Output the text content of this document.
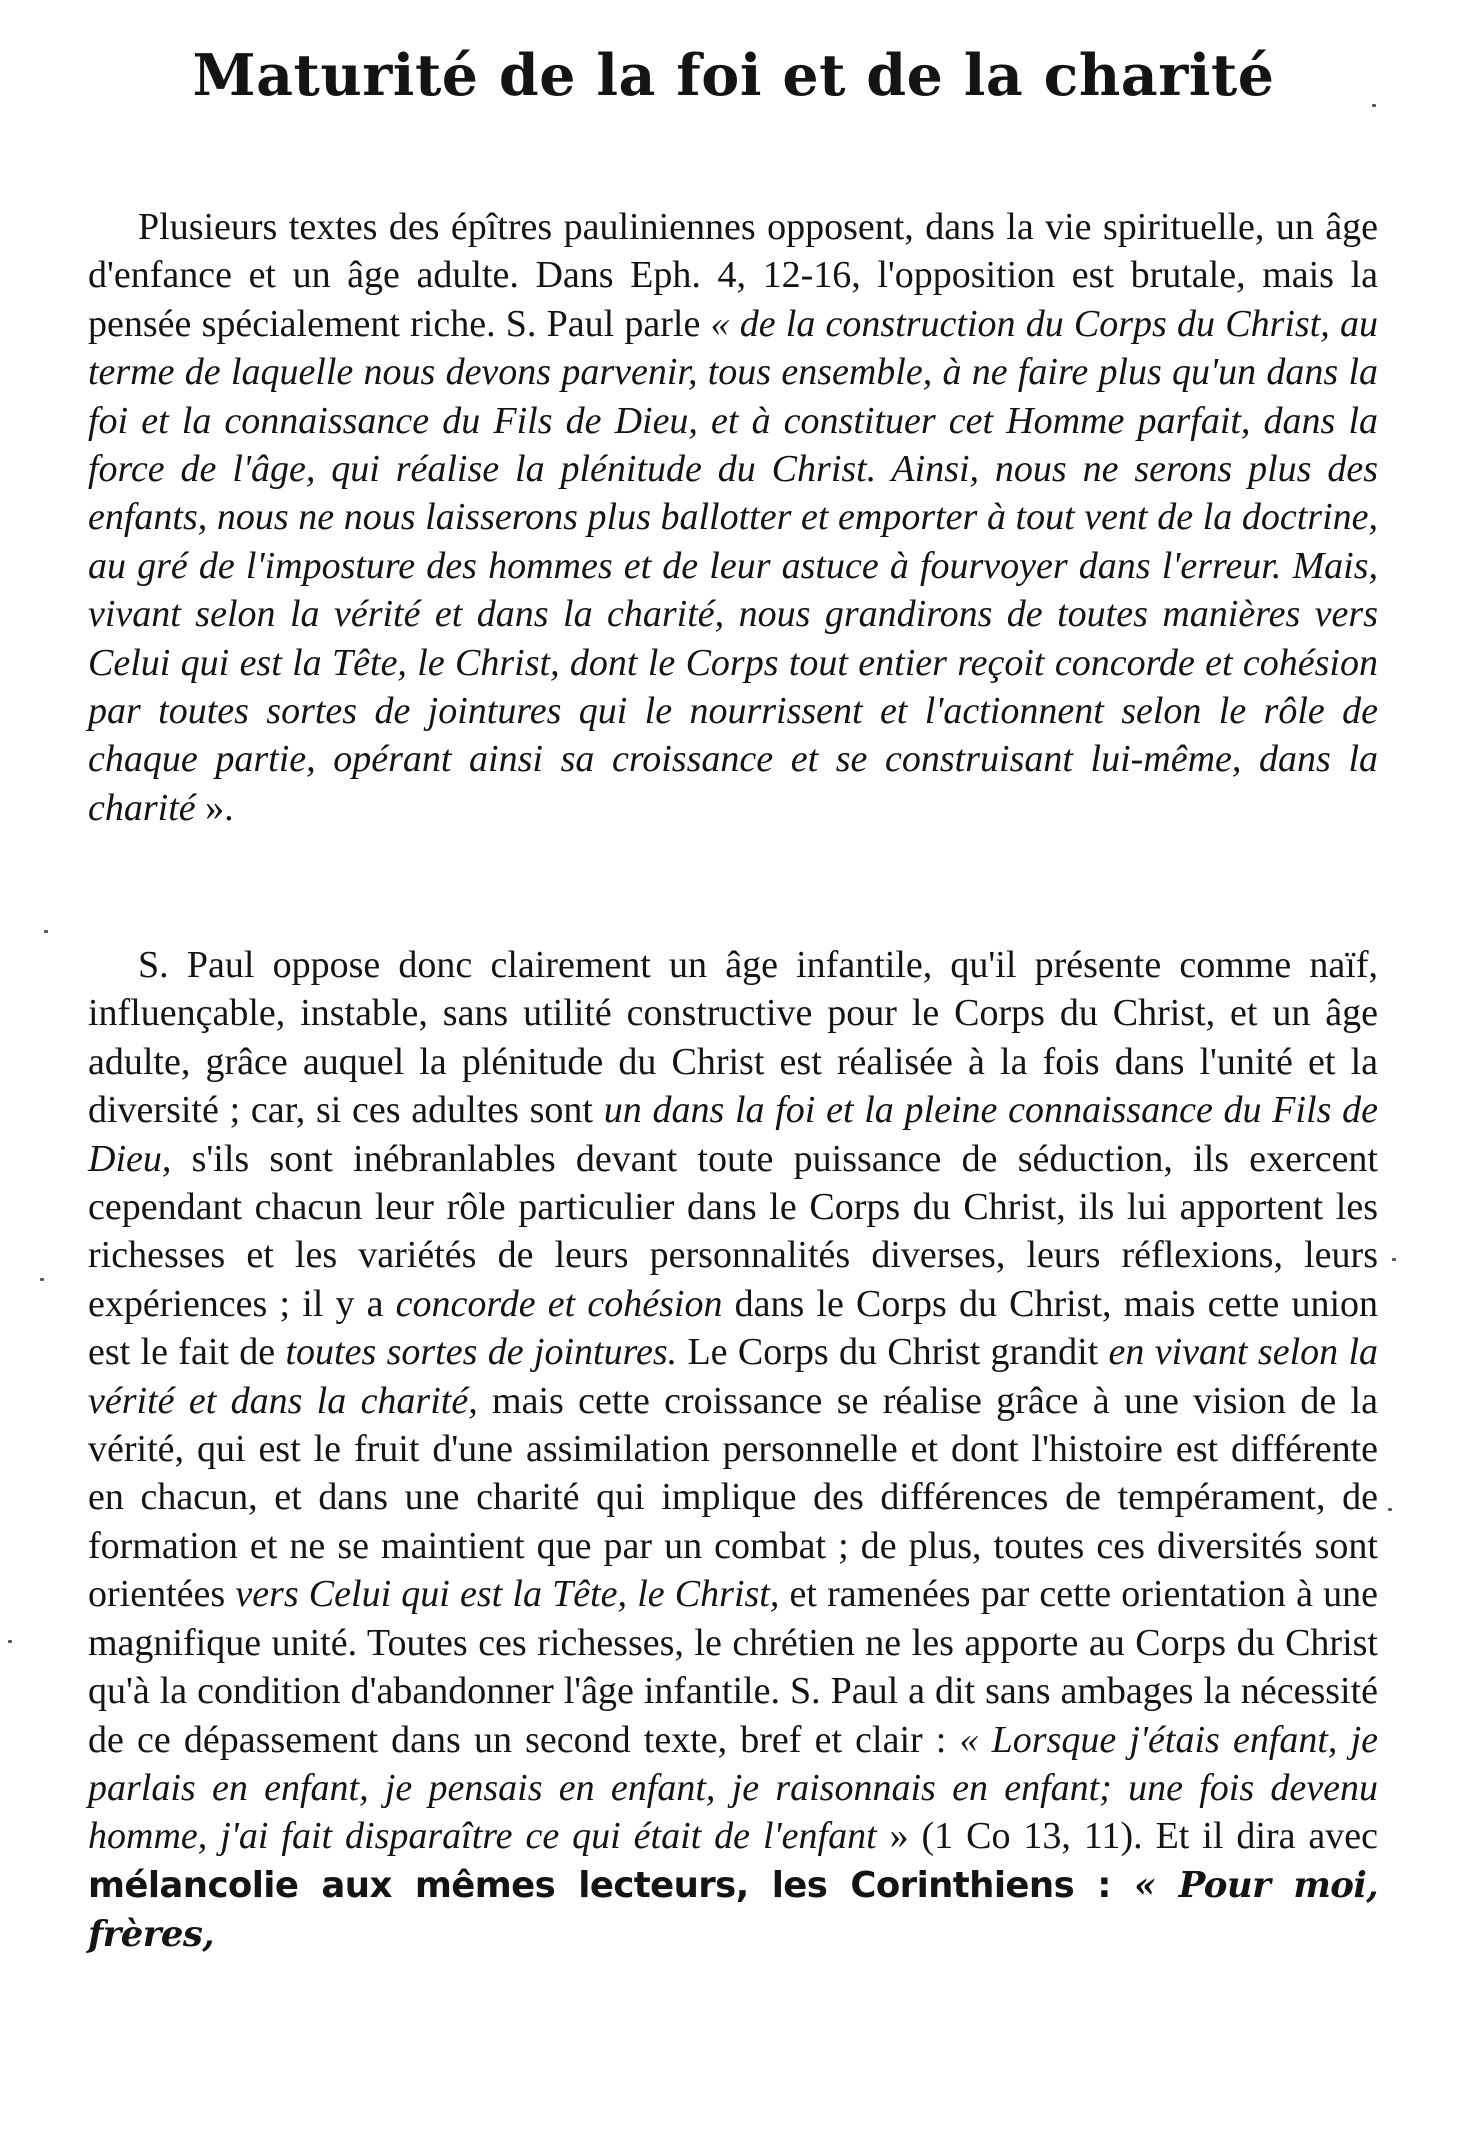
Maturité de la foi et de la charité

Plusieurs textes des épîtres pauliniennes opposent, dans la vie spirituelle, un âge d'enfance et un âge adulte. Dans Eph. 4, 12-16, l'opposition est brutale, mais la pensée spécialement riche. S. Paul parle « de la construction du Corps du Christ, au terme de laquelle nous devons parvenir, tous ensemble, à ne faire plus qu'un dans la foi et la connaissance du Fils de Dieu, et à constituer cet Homme parfait, dans la force de l'âge, qui réalise la plénitude du Christ. Ainsi, nous ne serons plus des enfants, nous ne nous laisserons plus ballotter et emporter à tout vent de la doctrine, au gré de l'imposture des hommes et de leur astuce à fourvoyer dans l'erreur. Mais, vivant selon la vérité et dans la charité, nous grandirons de toutes manières vers Celui qui est la Tête, le Christ, dont le Corps tout entier reçoit concorde et cohésion par toutes sortes de jointures qui le nourrissent et l'actionnent selon le rôle de chaque partie, opérant ainsi sa croissance et se construisant lui-même, dans la charité ».

S. Paul oppose donc clairement un âge infantile, qu'il présente comme naïf, influençable, instable, sans utilité constructive pour le Corps du Christ, et un âge adulte, grâce auquel la plénitude du Christ est réalisée à la fois dans l'unité et la diversité ; car, si ces adultes sont un dans la foi et la pleine connaissance du Fils de Dieu, s'ils sont inébranlables devant toute puissance de séduction, ils exercent cependant chacun leur rôle particulier dans le Corps du Christ, ils lui apportent les richesses et les variétés de leurs personnalités diverses, leurs réflexions, leurs expériences ; il y a concorde et cohésion dans le Corps du Christ, mais cette union est le fait de toutes sortes de jointures. Le Corps du Christ grandit en vivant selon la vérité et dans la charité, mais cette croissance se réalise grâce à une vision de la vérité, qui est le fruit d'une assimilation personnelle et dont l'histoire est différente en chacun, et dans une charité qui implique des différences de tempérament, de formation et ne se maintient que par un combat ; de plus, toutes ces diversités sont orientées vers Celui qui est la Tête, le Christ, et ramenées par cette orientation à une magnifique unité. Toutes ces richesses, le chrétien ne les apporte au Corps du Christ qu'à la condition d'abandonner l'âge infantile. S. Paul a dit sans ambages la nécessité de ce dépassement dans un second texte, bref et clair : « Lorsque j'étais enfant, je parlais en enfant, je pensais en enfant, je raisonnais en enfant; une fois devenu homme, j'ai fait disparaître ce qui était de l'enfant » (1 Co 13, 11). Et il dira avec mélancolie aux mêmes lecteurs, les Corinthiens : « Pour moi, frères,
